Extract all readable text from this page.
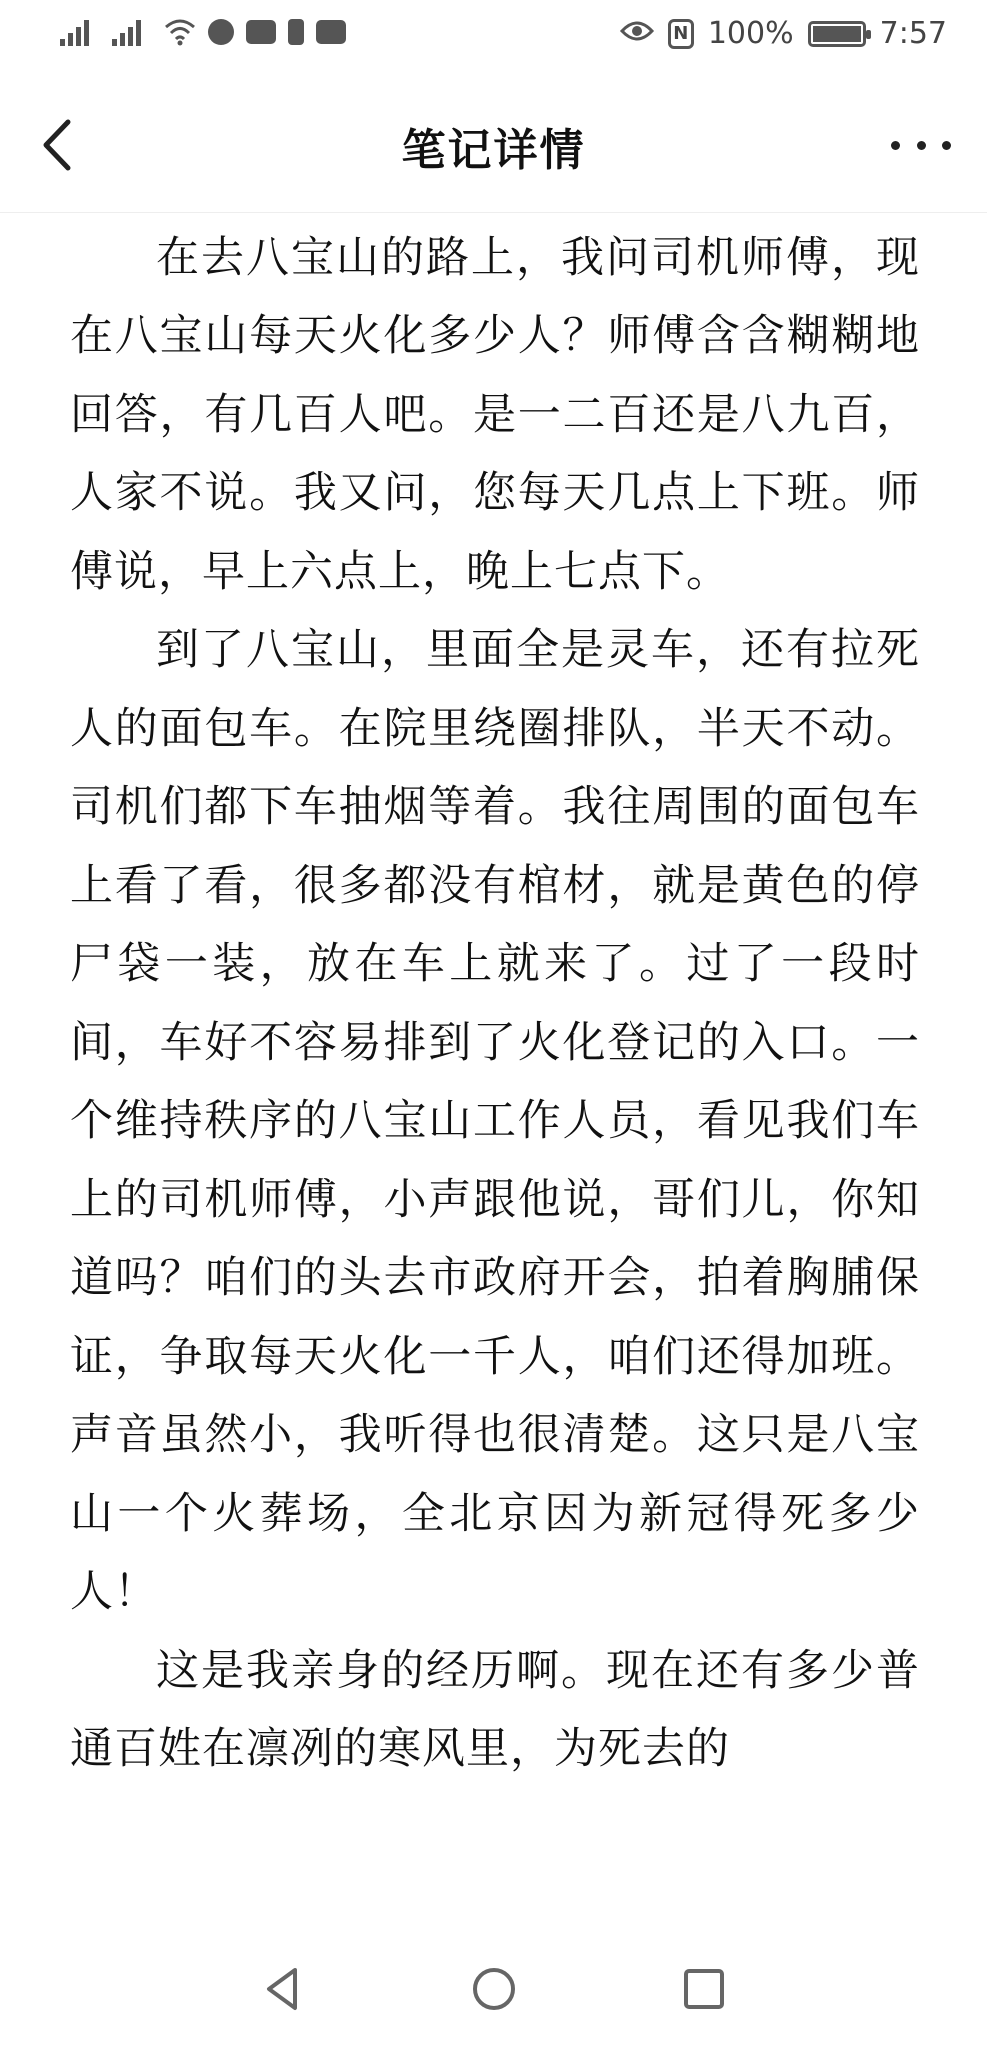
N 100%	7:57
笔记详情

在去八宝山的路上，我问司机师傅，现在八宝山每天火化多少人？师傅含含糊糊地回答，有几百人吧。是一二百还是八九百，人家不说。我又问，您每天几点上下班。师傅说，早上六点上，晚上七点下。

到了八宝山，里面全是灵车，还有拉死人的面包车。在院里绕圈排队，半天不动。司机们都下车抽烟等着。我往周围的面包车上看了看，很多都没有棺材，就是黄色的停尸袋一装，放在车上就来了。过了一段时间，车好不容易排到了火化登记的入口。一个维持秩序的八宝山工作人员，看见我们车上的司机师傅，小声跟他说，哥们儿，你知道吗？咱们的头去市政府开会，拍着胸脯保证，争取每天火化一千人，咱们还得加班。声音虽然小，我听得也很清楚。这只是八宝山一个火葬场，全北京因为新冠得死多少人！

这是我亲身的经历啊。现在还有多少普通百姓在凛冽的寒风里，为死去的
